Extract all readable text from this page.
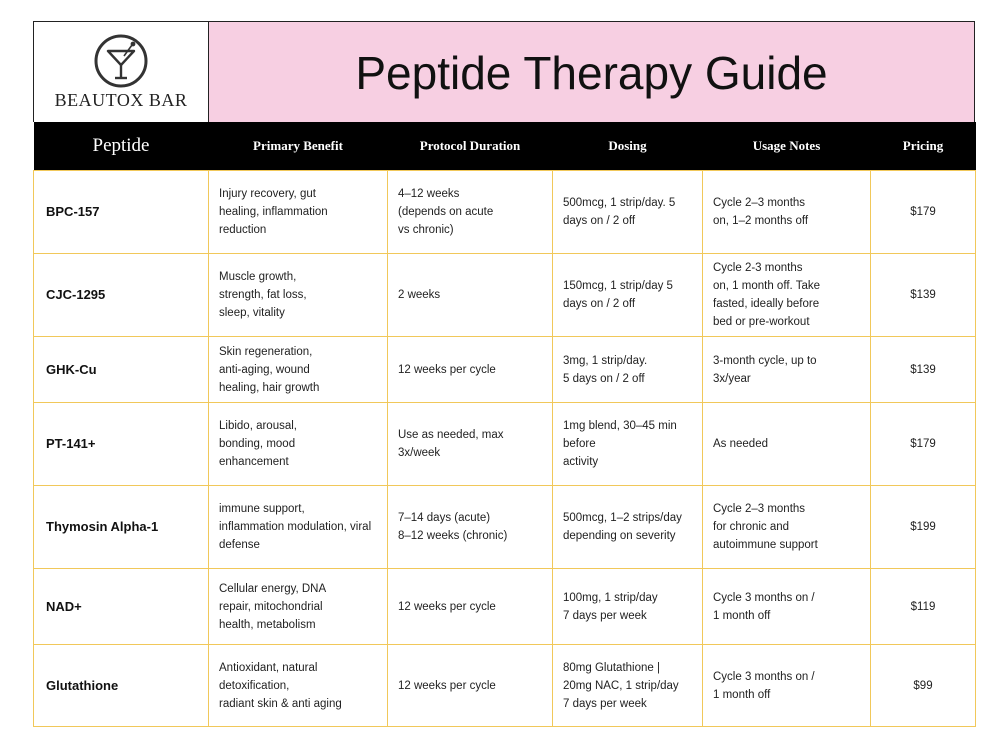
BEAUTOX BAR
Peptide Therapy Guide
Peptide	Primary Benefit	Protocol Duration	Dosing	Usage Notes	Pricing
BPC-157	Injury recovery, gut
healing, inflammation
reduction	4–12 weeks
(depends on acute
vs chronic)	500mcg, 1 strip/day. 5
days on / 2 off	Cycle 2–3 months
on, 1–2 months off	$179
CJC-1295	Muscle growth,
strength, fat loss,
sleep, vitality	2 weeks	150mcg, 1 strip/day 5
days on / 2 off	Cycle 2-3 months
on, 1 month off. Take
fasted, ideally before
bed or pre-workout	$139
GHK-Cu	Skin regeneration,
anti-aging, wound
healing, hair growth	12 weeks per cycle	3mg, 1 strip/day.
5 days on / 2 off	3-month cycle, up to
3x/year	$139
PT-141+	Libido, arousal,
bonding, mood
enhancement	Use as needed, max
3x/week	1mg blend, 30–45 min
before
activity	As needed	$179
Thymosin Alpha-1	immune support,
inflammation modulation, viral
defense	7–14 days (acute)
8–12 weeks (chronic)	500mcg, 1–2 strips/day
depending on severity	Cycle 2–3 months
for chronic and
autoimmune support	$199
NAD+	Cellular energy, DNA
repair, mitochondrial
health, metabolism	12 weeks per cycle	100mg, 1 strip/day
7 days per week	Cycle 3 months on /
1 month off	$119
Glutathione	Antioxidant, natural
detoxification,
radiant skin & anti aging	12 weeks per cycle	80mg Glutathione |
20mg NAC, 1 strip/day
7 days per week	Cycle 3 months on /
1 month off	$99
